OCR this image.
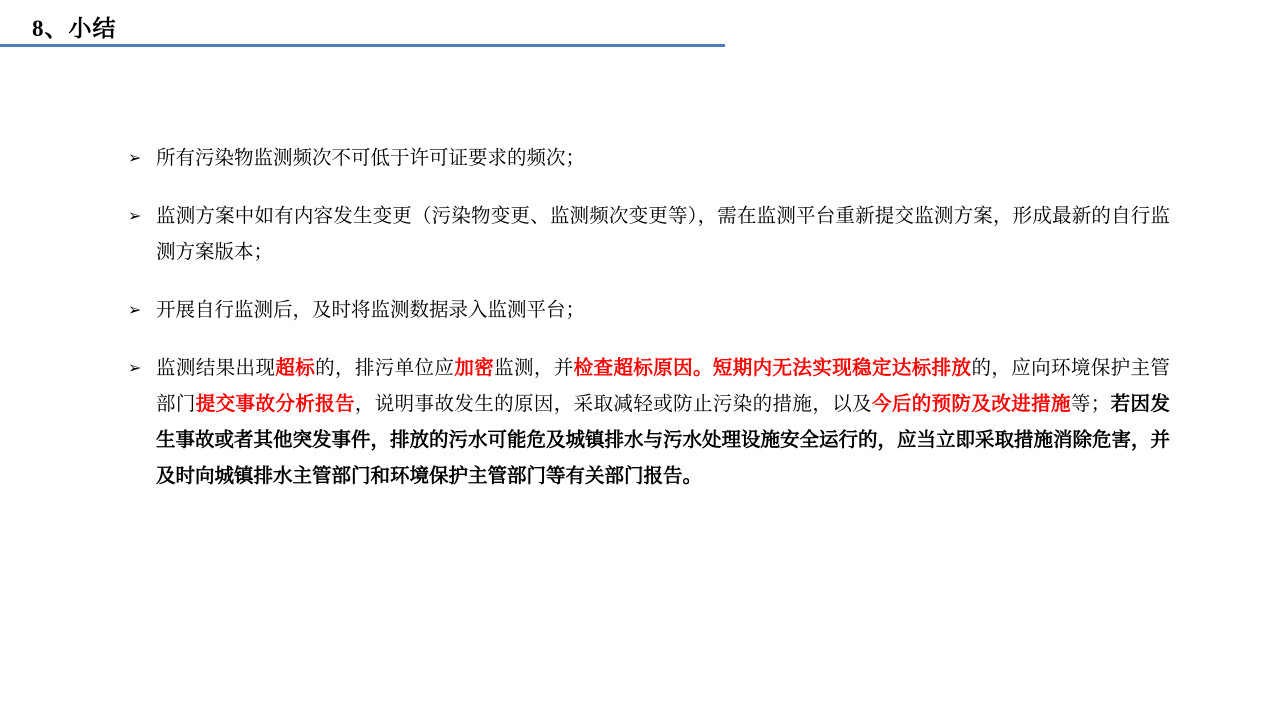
8、小结
➢ 所有污染物监测频次不可低于许可证要求的频次；
➢ 监测方案中如有内容发生变更（污染物变更、监测频次变更等），需在监测平台重新提交监测方案，形成最新的自行监测方案版本；
➢ 开展自行监测后，及时将监测数据录入监测平台；
➢ 监测结果出现超标的，排污单位应加密监测，并检查超标原因。短期内无法实现稳定达标排放的，应向环境保护主管部门提交事故分析报告，说明事故发生的原因，采取减轻或防止污染的措施，以及今后的预防及改进措施等；若因发生事故或者其他突发事件，排放的污水可能危及城镇排水与污水处理设施安全运行的，应当立即采取措施消除危害，并及时向城镇排水主管部门和环境保护主管部门等有关部门报告。
